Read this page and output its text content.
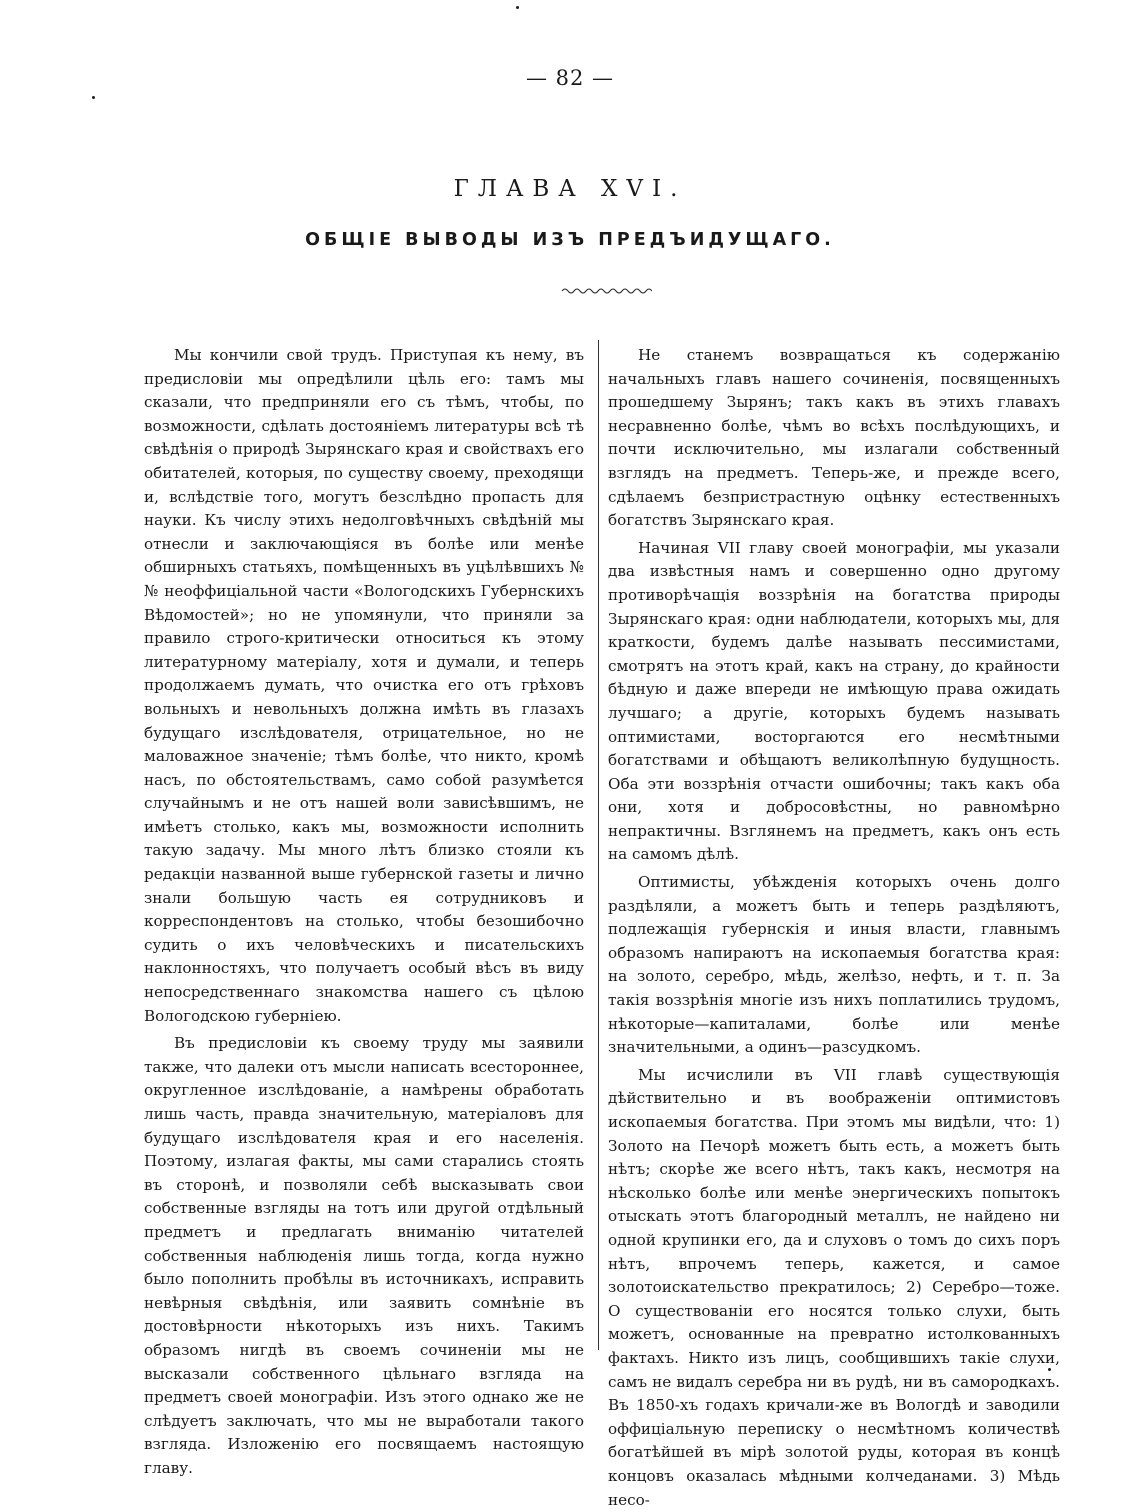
— 82 —
ГЛАВА XVI.
ОБЩІЕ ВЫВОДЫ ИЗЪ ПРЕДЪИДУЩАГО.

Мы кончили свой трудъ. Приступая къ нему, въ предисловіи мы опредѣлили цѣль его: тамъ мы сказали, что предприняли его съ тѣмъ, чтобы, по возможности, сдѣлать достояніемъ литературы всѣ тѣ свѣдѣнія о природѣ Зырянскаго края и свойствахъ его обитателей, которыя, по существу своему, преходящи и, вслѣдствіе того, могутъ безслѣдно пропасть для науки. Къ числу этихъ недолговѣчныхъ свѣдѣній мы отнесли и заключающіяся въ болѣе или менѣе обширныхъ статьяхъ, помѣщенныхъ въ уцѣлѣвшихъ №№ неоффиціальной части «Вологодскихъ Губернскихъ Вѣдомостей»; но не упомянули, что приняли за правило строго-критически относиться къ этому литературному матеріалу, хотя и думали, и теперь продолжаемъ думать, что очистка его отъ грѣховъ вольныхъ и невольныхъ должна имѣть въ глазахъ будущаго изслѣдователя, отрицательное, но не маловажное значеніе; тѣмъ болѣе, что никто, кромѣ насъ, по обстоятельствамъ, само собой разумѣется случайнымъ и не отъ нашей воли зависѣвшимъ, не имѣетъ столько, какъ мы, возможности исполнить такую задачу. Мы много лѣтъ близко стояли къ редакціи названной выше губернской газеты и лично знали большую часть ея сотрудниковъ и корреспондентовъ на столько, чтобы безошибочно судить о ихъ человѣческихъ и писательскихъ наклонностяхъ, что получаетъ особый вѣсъ въ виду непосредственнаго знакомства нашего съ цѣлою Вологодскою губерніею.

Въ предисловіи къ своему труду мы заявили также, что далеки отъ мысли написать всестороннее, округленное изслѣдованіе, а намѣрены обработать лишь часть, правда значительную, матеріаловъ для будущаго изслѣдователя края и его населенія. Поэтому, излагая факты, мы сами старались стоять въ сторонѣ, и позволяли себѣ высказывать свои собственные взгляды на тотъ или другой отдѣльный предметъ и предлагать вниманію читателей собственныя наблюденія лишь тогда, когда нужно было пополнить пробѣлы въ источникахъ, исправить невѣрныя свѣдѣнія, или заявить сомнѣніе въ достовѣрности нѣкоторыхъ изъ нихъ. Такимъ образомъ нигдѣ въ своемъ сочиненіи мы не высказали собственного цѣльнаго взгляда на предметъ своей монографіи. Изъ этого однако же не слѣдуетъ заключать, что мы не выработали такого взгляда. Изложенію его посвящаемъ настоящую главу.

Не станемъ возвращаться къ содержанію начальныхъ главъ нашего сочиненія, посвященныхъ прошедшему Зырянъ; такъ какъ въ этихъ главахъ несравненно болѣе, чѣмъ во всѣхъ послѣдующихъ, и почти исключительно, мы излагали собственный взглядъ на предметъ. Теперь-же, и прежде всего, сдѣлаемъ безпристрастную оцѣнку естественныхъ богатствъ Зырянскаго края.

Начиная VII главу своей монографіи, мы указали два извѣстныя намъ и совершенно одно другому противорѣчащія воззрѣнія на богатства природы Зырянскаго края: одни наблюдатели, которыхъ мы, для краткости, будемъ далѣе называть пессимистами, смотрятъ на этотъ край, какъ на страну, до крайности бѣдную и даже впереди не имѣющую права ожидать лучшаго; а другіе, которыхъ будемъ называть оптимистами, восторгаются его несмѣтными богатствами и обѣщаютъ великолѣпную будущность. Оба эти воззрѣнія отчасти ошибочны; такъ какъ оба они, хотя и добросовѣстны, но равномѣрно непрактичны. Взглянемъ на предметъ, какъ онъ есть на самомъ дѣлѣ.

Оптимисты, убѣжденія которыхъ очень долго раздѣляли, а можетъ быть и теперь раздѣляютъ, подлежащія губернскія и иныя власти, главнымъ образомъ напираютъ на ископаемыя богатства края: на золото, серебро, мѣдь, желѣзо, нефть, и т. п. За такія воззрѣнія многіе изъ нихъ поплатились трудомъ, нѣкоторые—капиталами, болѣе или менѣе значительными, а одинъ—разсудкомъ.

Мы исчислили въ VII главѣ существующія дѣйствительно и въ воображеніи оптимистовъ ископаемыя богатства. При этомъ мы видѣли, что: 1) Золото на Печорѣ можетъ быть есть, а можетъ быть нѣтъ; скорѣе же всего нѣтъ, такъ какъ, несмотря на нѣсколько болѣе или менѣе энергическихъ попытокъ отыскать этотъ благородный металлъ, не найдено ни одной крупинки его, да и слуховъ о томъ до сихъ поръ нѣтъ, впрочемъ теперь, кажется, и самое золотоискательство прекратилось; 2) Серебро—тоже. О существованіи его носятся только слухи, быть можетъ, основанные на превратно истолкованныхъ фактахъ. Никто изъ лицъ, сообщившихъ такіе слухи, самъ не видалъ серебра ни въ рудѣ, ни въ самородкахъ. Въ 1850-хъ годахъ кричали-же въ Вологдѣ и заводили оффиціальную переписку о несмѣтномъ количествѣ богатѣйшей въ мірѣ золотой руды, которая въ концѣ концовъ оказалась мѣдными колчеданами. 3) Мѣдь несо-
